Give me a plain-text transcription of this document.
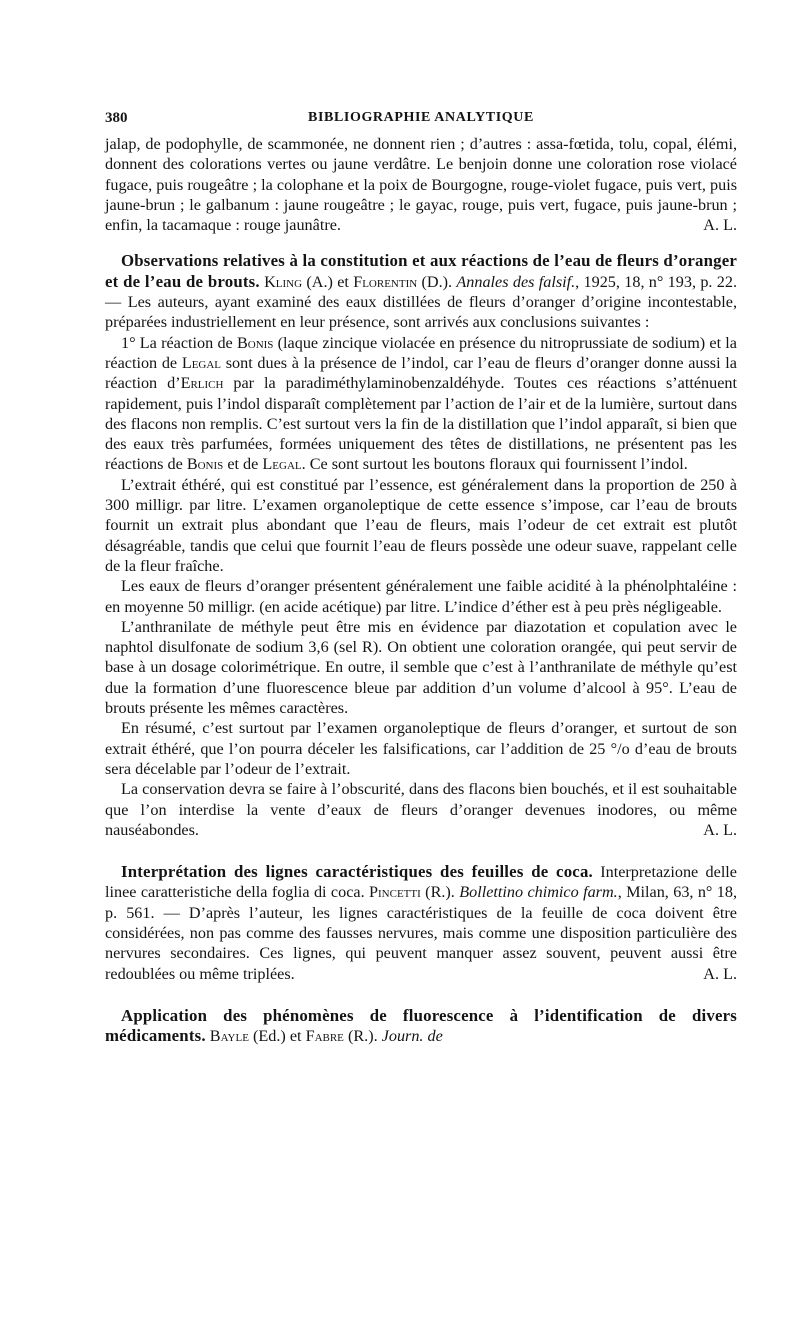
380	BIBLIOGRAPHIE ANALYTIQUE

jalap, de podophylle, de scammonée, ne donnent rien ; d’autres : assa-fœtida, tolu, copal, élémi, donnent des colorations vertes ou jaune verdâtre. Le benjoin donne une coloration rose violacé fugace, puis rougeâtre ; la colophane et la poix de Bourgogne, rouge-violet fugace, puis vert, puis jaune-brun ; le galbanum : jaune rougeâtre ; le gayac, rouge, puis vert, fugace, puis jaune-brun ; enfin, la tacamaque : rouge jaunâtre.	A. L.

Observations relatives à la constitution et aux réactions de l’eau de fleurs d’oranger et de l’eau de brouts. Kling (A.) et Florentin (D.). Annales des falsif., 1925, 18, n° 193, p. 22. — Les auteurs, ayant examiné des eaux distillées de fleurs d’oranger d’origine incontestable, préparées industriellement en leur présence, sont arrivés aux conclusions suivantes :

1° La réaction de Bonis (laque zincique violacée en présence du nitroprussiate de sodium) et la réaction de Legal sont dues à la présence de l’indol, car l’eau de fleurs d’oranger donne aussi la réaction d’Erlich par la paradiméthylaminobenzaldéhyde. Toutes ces réactions s’atténuent rapidement, puis l’indol disparaît complètement par l’action de l’air et de la lumière, surtout dans des flacons non remplis. C’est surtout vers la fin de la distillation que l’indol apparaît, si bien que des eaux très parfumées, formées uniquement des têtes de distillations, ne présentent pas les réactions de Bonis et de Legal. Ce sont surtout les boutons floraux qui fournissent l’indol.

L’extrait éthéré, qui est constitué par l’essence, est généralement dans la proportion de 250 à 300 milligr. par litre. L’examen organoleptique de cette essence s’impose, car l’eau de brouts fournit un extrait plus abondant que l’eau de fleurs, mais l’odeur de cet extrait est plutôt désagréable, tandis que celui que fournit l’eau de fleurs possède une odeur suave, rappelant celle de la fleur fraîche.

Les eaux de fleurs d’oranger présentent généralement une faible acidité à la phénolphtaléine : en moyenne 50 milligr. (en acide acétique) par litre. L’indice d’éther est à peu près négligeable.

L’anthranilate de méthyle peut être mis en évidence par diazotation et copulation avec le naphtol disulfonate de sodium 3,6 (sel R). On obtient une coloration orangée, qui peut servir de base à un dosage colorimétrique. En outre, il semble que c’est à l’anthranilate de méthyle qu’est due la formation d’une fluorescence bleue par addition d’un volume d’alcool à 95°. L’eau de brouts présente les mêmes caractères.

En résumé, c’est surtout par l’examen organoleptique de fleurs d’oranger, et surtout de son extrait éthéré, que l’on pourra déceler les falsifications, car l’addition de 25 °/o d’eau de brouts sera décelable par l’odeur de l’extrait.

La conservation devra se faire à l’obscurité, dans des flacons bien bouchés, et il est souhaitable que l’on interdise la vente d’eaux de fleurs d’oranger devenues inodores, ou même nauséabondes.	A. L.

Interprétation des lignes caractéristiques des feuilles de coca. Interpretazione delle linee caratteristiche della foglia di coca. Pincetti (R.). Bollettino chimico farm., Milan, 63, n° 18, p. 561. — D’après l’auteur, les lignes caractéristiques de la feuille de coca doivent être considérées, non pas comme des fausses nervures, mais comme une disposition particulière des nervures secondaires. Ces lignes, qui peuvent manquer assez souvent, peuvent aussi être redoublées ou même triplées.	A. L.

Application des phénomènes de fluorescence à l’identification de divers médicaments. Bayle (Ed.) et Fabre (R.). Journ. de
